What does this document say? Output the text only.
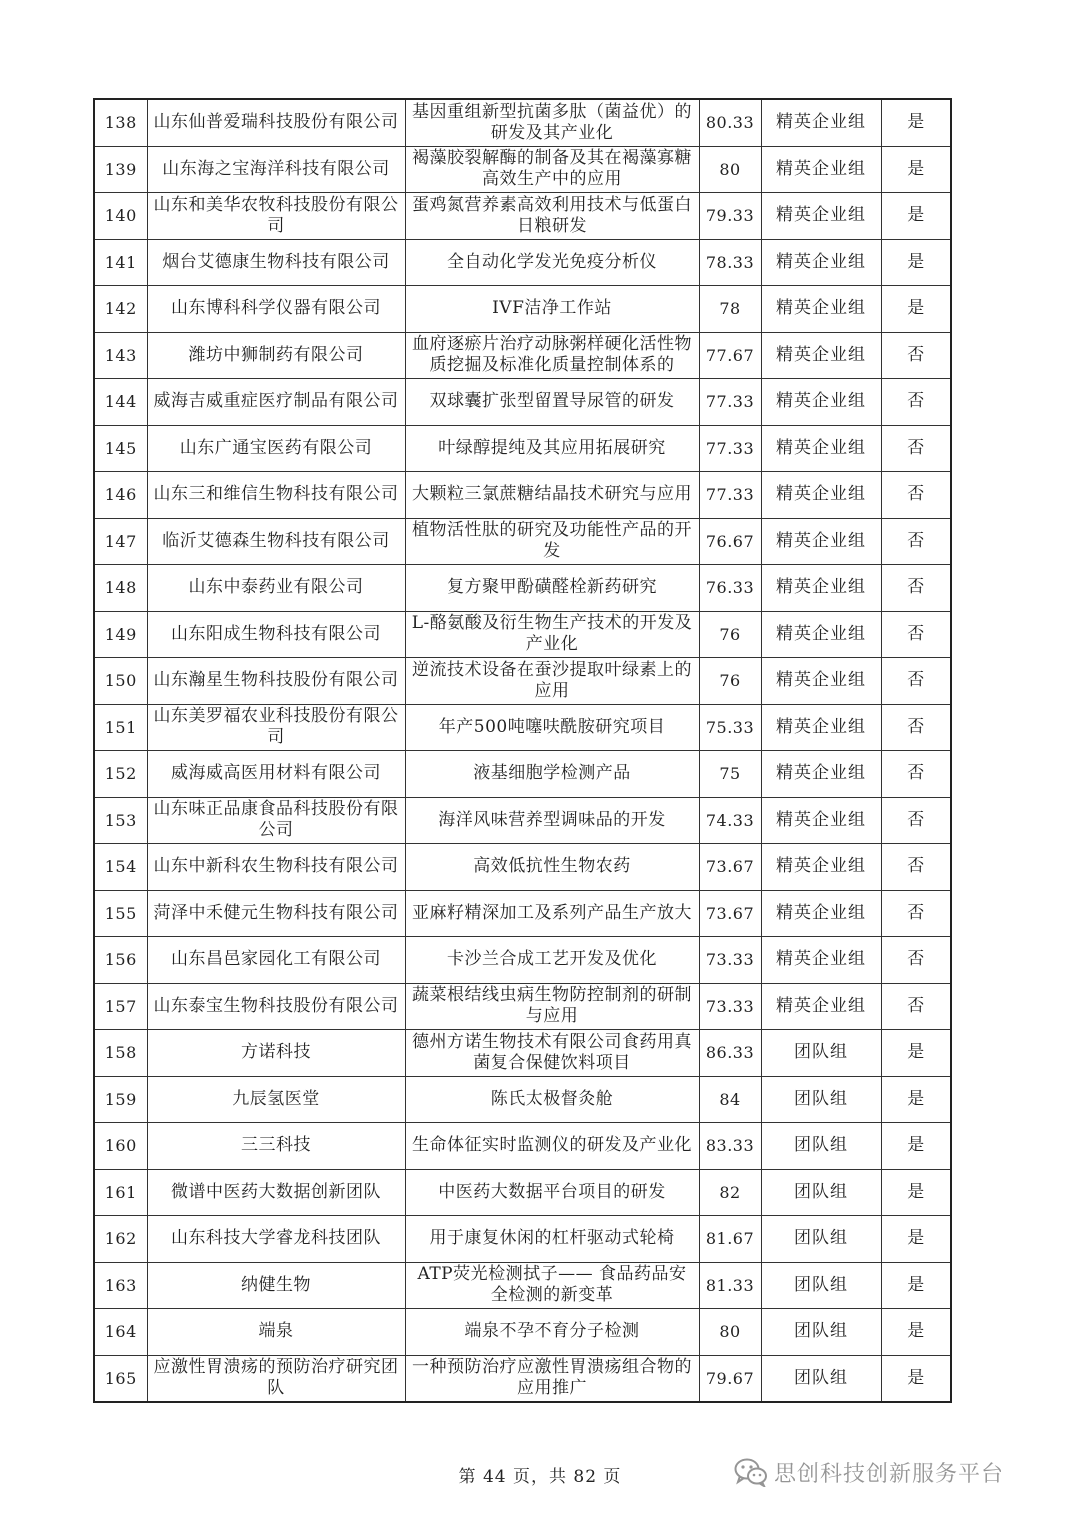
138	山东仙普爱瑞科技股份有限公司	基因重组新型抗菌多肽（菌益优）的研发及其产业化	80.33	精英企业组	是
139	山东海之宝海洋科技有限公司	褐藻胶裂解酶的制备及其在褐藻寡糖高效生产中的应用	80	精英企业组	是
140	山东和美华农牧科技股份有限公司	蛋鸡氮营养素高效利用技术与低蛋白日粮研发	79.33	精英企业组	是
141	烟台艾德康生物科技有限公司	全自动化学发光免疫分析仪	78.33	精英企业组	是
142	山东博科科学仪器有限公司	IVF洁净工作站	78	精英企业组	是
143	潍坊中狮制药有限公司	血府逐瘀片治疗动脉粥样硬化活性物质挖掘及标准化质量控制体系的	77.67	精英企业组	否
144	威海吉威重症医疗制品有限公司	双球囊扩张型留置导尿管的研发	77.33	精英企业组	否
145	山东广通宝医药有限公司	叶绿醇提纯及其应用拓展研究	77.33	精英企业组	否
146	山东三和维信生物科技有限公司	大颗粒三氯蔗糖结晶技术研究与应用	77.33	精英企业组	否
147	临沂艾德森生物科技有限公司	植物活性肽的研究及功能性产品的开发	76.67	精英企业组	否
148	山东中泰药业有限公司	复方聚甲酚磺醛栓新药研究	76.33	精英企业组	否
149	山东阳成生物科技有限公司	L-酪氨酸及衍生物生产技术的开发及产业化	76	精英企业组	否
150	山东瀚星生物科技股份有限公司	逆流技术设备在蚕沙提取叶绿素上的应用	76	精英企业组	否
151	山东美罗福农业科技股份有限公司	年产500吨噻呋酰胺研究项目	75.33	精英企业组	否
152	威海威高医用材料有限公司	液基细胞学检测产品	75	精英企业组	否
153	山东味正品康食品科技股份有限公司	海洋风味营养型调味品的开发	74.33	精英企业组	否
154	山东中新科农生物科技有限公司	高效低抗性生物农药	73.67	精英企业组	否
155	菏泽中禾健元生物科技有限公司	亚麻籽精深加工及系列产品生产放大	73.67	精英企业组	否
156	山东昌邑家园化工有限公司	卡沙兰合成工艺开发及优化	73.33	精英企业组	否
157	山东泰宝生物科技股份有限公司	蔬菜根结线虫病生物防控制剂的研制与应用	73.33	精英企业组	否
158	方诺科技	德州方诺生物技术有限公司食药用真菌复合保健饮料项目	86.33	团队组	是
159	九辰氢医堂	陈氏太极督灸舱	84	团队组	是
160	三三科技	生命体征实时监测仪的研发及产业化	83.33	团队组	是
161	微谱中医药大数据创新团队	中医药大数据平台项目的研发	82	团队组	是
162	山东科技大学睿龙科技团队	用于康复休闲的杠杆驱动式轮椅	81.67	团队组	是
163	纳健生物	ATP荧光检测拭子—— 食品药品安全检测的新变革	81.33	团队组	是
164	端泉	端泉不孕不育分子检测	80	团队组	是
165	应激性胃溃疡的预防治疗研究团队	一种预防治疗应激性胃溃疡组合物的应用推广	79.67	团队组	是
第 44 页，共 82 页	思创科技创新服务平台
